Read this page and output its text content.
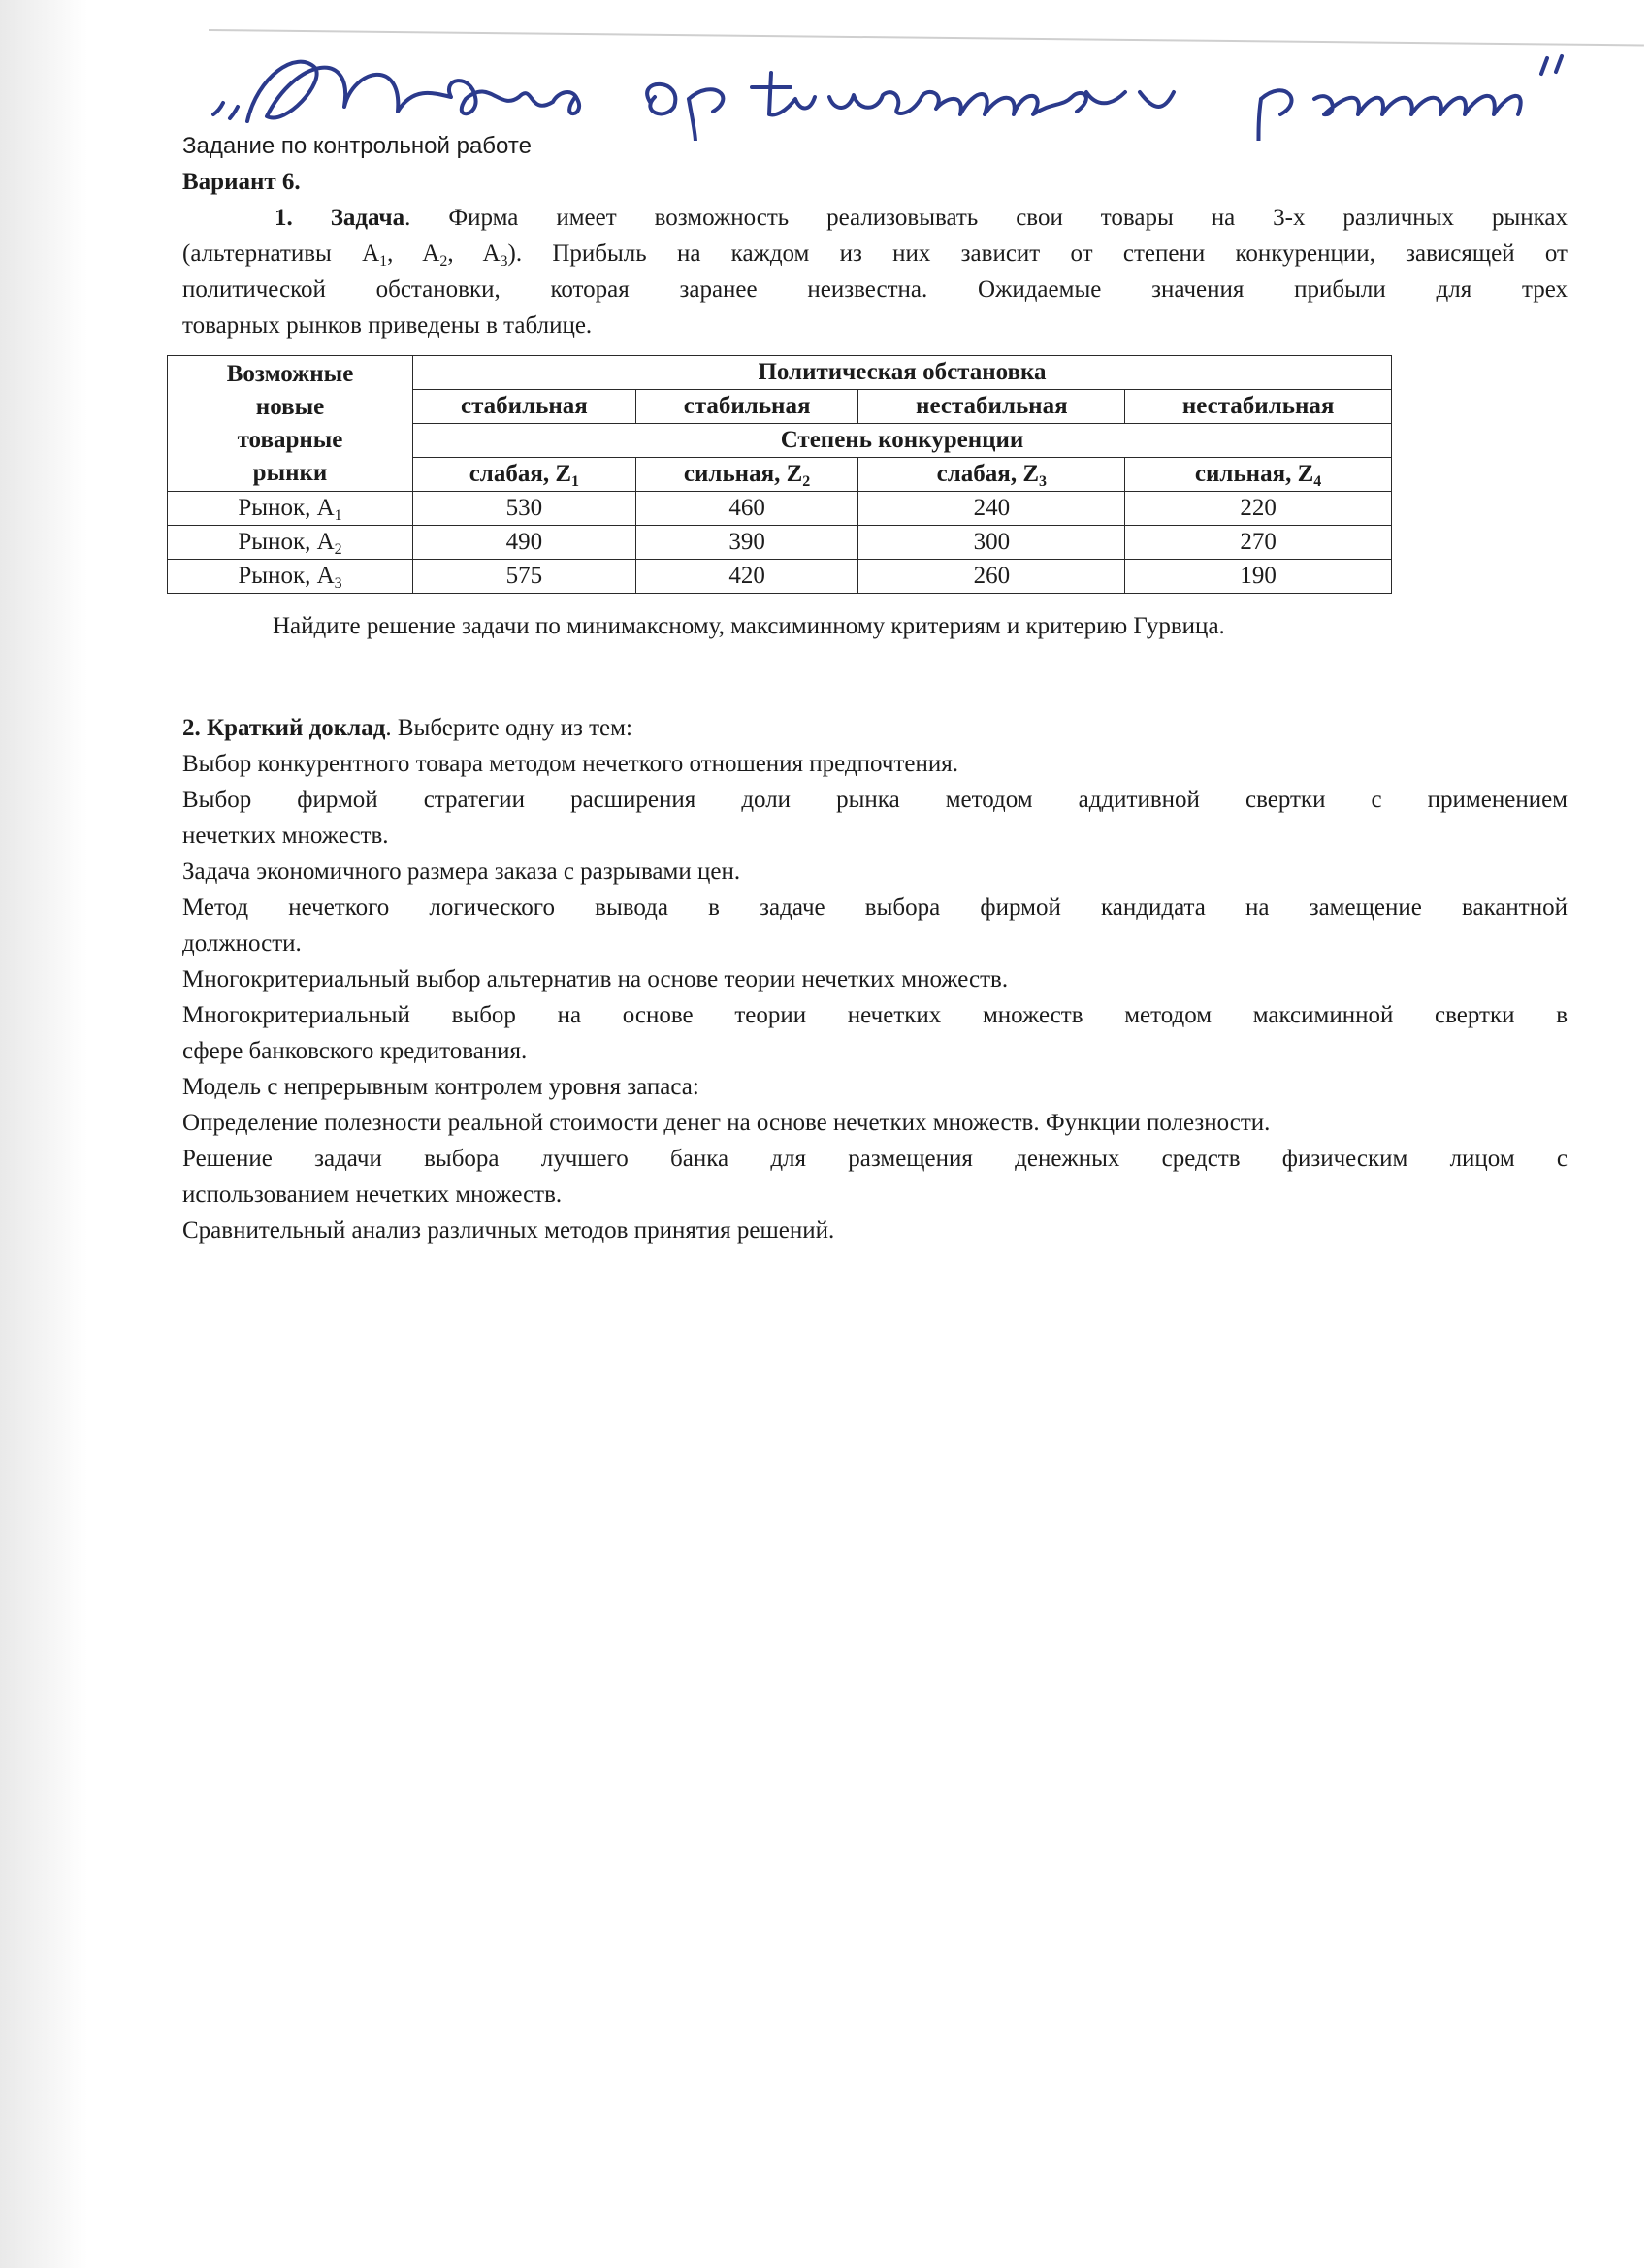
Задание по контрольной работе
Вариант 6.
1. Задача. Фирма имеет возможность реализовывать свои товары на 3-х различных рынках
(альтернативы $A_1$, $A_2$, $A_3$). Прибыль на каждом из них зависит от степени конкуренции, зависящей от
политической обстановки, которая заранее неизвестна. Ожидаемые значения прибыли для трех
товарных рынков приведены в таблице.
Возможные
новые
товарные
рынки	Политическая обстановка			
	стабильная	стабильная	нестабильная	нестабильная
	Степень конкуренции			
	слабая, $Z_1$	сильная, $Z_2$	слабая, $Z_3$	сильная, $Z_4$
Рынок, $A_1$	530	460	240	220
Рынок, $A_2$	490	390	300	270
Рынок, $A_3$	575	420	260	190
Найдите решение задачи по минимаксному, максиминному критериям и критерию Гурвица.
2. Краткий доклад. Выберите одну из тем:
Выбор конкурентного товара методом нечеткого отношения предпочтения.
Выбор фирмой стратегии расширения доли рынка методом аддитивной свертки с применением
нечетких множеств.
Задача экономичного размера заказа с разрывами цен.
Метод нечеткого логического вывода в задаче выбора фирмой кандидата на замещение вакантной
должности.
Многокритериальный выбор альтернатив на основе теории нечетких множеств.
Многокритериальный выбор на основе теории нечетких множеств методом максиминной свертки в
сфере банковского кредитования.
Модель с непрерывным контролем уровня запаса:
Определение полезности реальной стоимости денег на основе нечетких множеств. Функции полезности.
Решение задачи выбора лучшего банка для размещения денежных средств физическим лицом с
использованием нечетких множеств.
Сравнительный анализ различных методов принятия решений.
